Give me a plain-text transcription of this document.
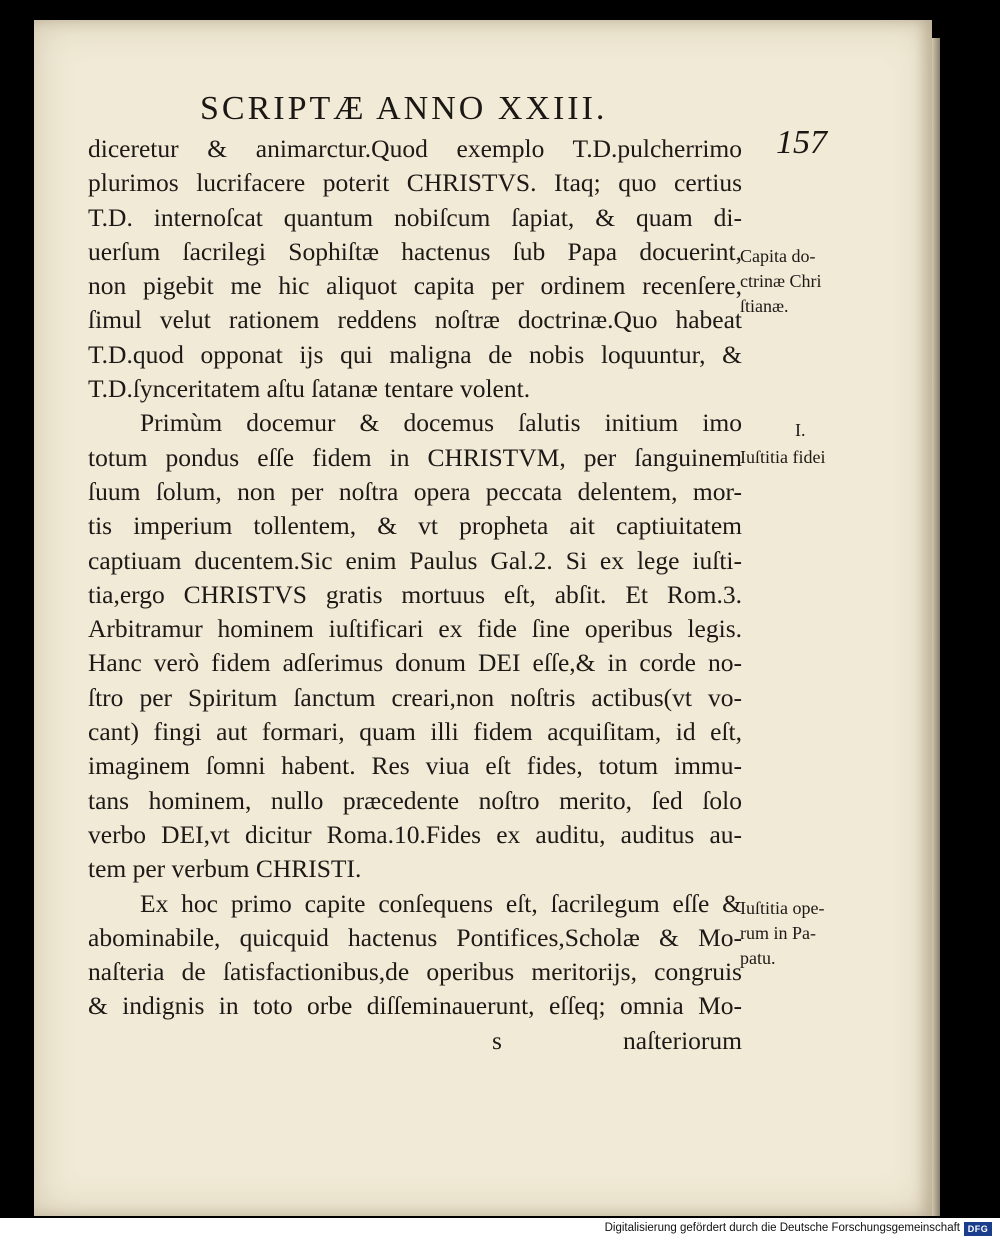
SCRIPTÆ ANNO XXIII.
157
diceretur & animarctur.Quod exemplo T.D.pulcherrimo
plurimos lucrifacere poterit CHRISTVS. Itaq; quo certius
T.D. internoſcat quantum nobiſcum ſapiat, & quam di-
uerſum ſacrilegi Sophiſtæ hactenus ſub Papa docuerint,
non pigebit me hic aliquot capita per ordinem recenſere,
ſimul velut rationem reddens noſtræ doctrinæ.Quo habeat
T.D.quod opponat ijs qui maligna de nobis loquuntur, &
T.D.ſynceritatem aſtu ſatanæ tentare volent.
Primùm docemur & docemus ſalutis initium imo
totum pondus eſſe fidem in CHRISTVM, per ſanguinem
ſuum ſolum, non per noſtra opera peccata delentem, mor-
tis imperium tollentem, & vt propheta ait captiuitatem
captiuam ducentem.Sic enim Paulus Gal.2. Si ex lege iuſti-
tia,ergo CHRISTVS gratis mortuus eſt, abſit. Et Rom.3.
Arbitramur hominem iuſtificari ex fide ſine operibus legis.
Hanc verò fidem adſerimus donum DEI eſſe,& in corde no-
ſtro per Spiritum ſanctum creari,non noſtris actibus(vt vo-
cant) fingi aut formari, quam illi fidem acquiſitam, id eſt,
imaginem ſomni habent. Res viua eſt fides, totum immu-
tans hominem, nullo præcedente noſtro merito, ſed ſolo
verbo DEI,vt dicitur Roma.10.Fides ex auditu, auditus au-
tem per verbum CHRISTI.
Ex hoc primo capite conſequens eſt, ſacrilegum eſſe &
abominabile, quicquid hactenus Pontifices,Scholæ & Mo-
naſteria de ſatisfactionibus,de operibus meritorijs, congruis
& indignis in toto orbe diſſeminauerunt, eſſeq; omnia Mo-
s	naſteriorum
Capita do-
ctrinæ Chri
ſtianæ.
I.
Iuſtitia fidei
Iuſtitia ope-
rum in Pa-
patu.
Digitalisierung gefördert durch die Deutsche Forschungsgemeinschaft DFG
